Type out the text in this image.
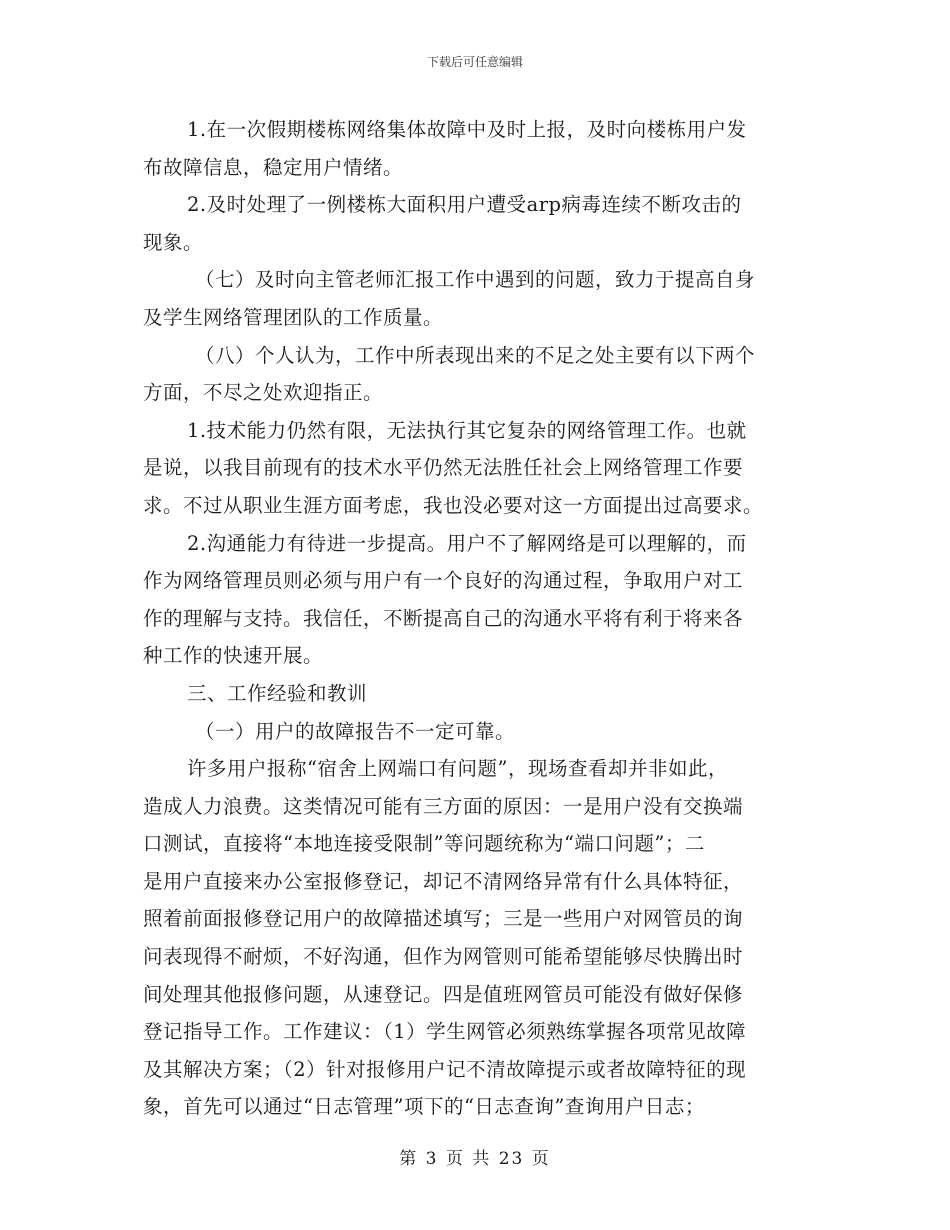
下载后可任意编辑
1.在一次假期楼栋网络集体故障中及时上报，及时向楼栋用户发
布故障信息，稳定用户情绪。
2.及时处理了一例楼栋大面积用户遭受arp病毒连续不断攻击的
现象。
（七）及时向主管老师汇报工作中遇到的问题，致力于提高自身
及学生网络管理团队的工作质量。
（八）个人认为，工作中所表现出来的不足之处主要有以下两个
方面，不尽之处欢迎指正。
1.技术能力仍然有限，无法执行其它复杂的网络管理工作。也就
是说，以我目前现有的技术水平仍然无法胜任社会上网络管理工作要
求。不过从职业生涯方面考虑，我也没必要对这一方面提出过高要求。
2.沟通能力有待进一步提高。用户不了解网络是可以理解的，而
作为网络管理员则必须与用户有一个良好的沟通过程，争取用户对工
作的理解与支持。我信任，不断提高自己的沟通水平将有利于将来各
种工作的快速开展。
三、工作经验和教训
（一）用户的故障报告不一定可靠。
许多用户报称“宿舍上网端口有问题”，现场查看却并非如此，
造成人力浪费。这类情况可能有三方面的原因：一是用户没有交换端
口测试，直接将“本地连接受限制”等问题统称为“端口问题”；二
是用户直接来办公室报修登记，却记不清网络异常有什么具体特征，
照着前面报修登记用户的故障描述填写；三是一些用户对网管员的询
问表现得不耐烦，不好沟通，但作为网管则可能希望能够尽快腾出时
间处理其他报修问题，从速登记。四是值班网管员可能没有做好保修
登记指导工作。工作建议：（1）学生网管必须熟练掌握各项常见故障
及其解决方案；（2）针对报修用户记不清故障提示或者故障特征的现
象，首先可以通过“日志管理”项下的“日志查询”查询用户日志；
第 3 页 共 23 页
